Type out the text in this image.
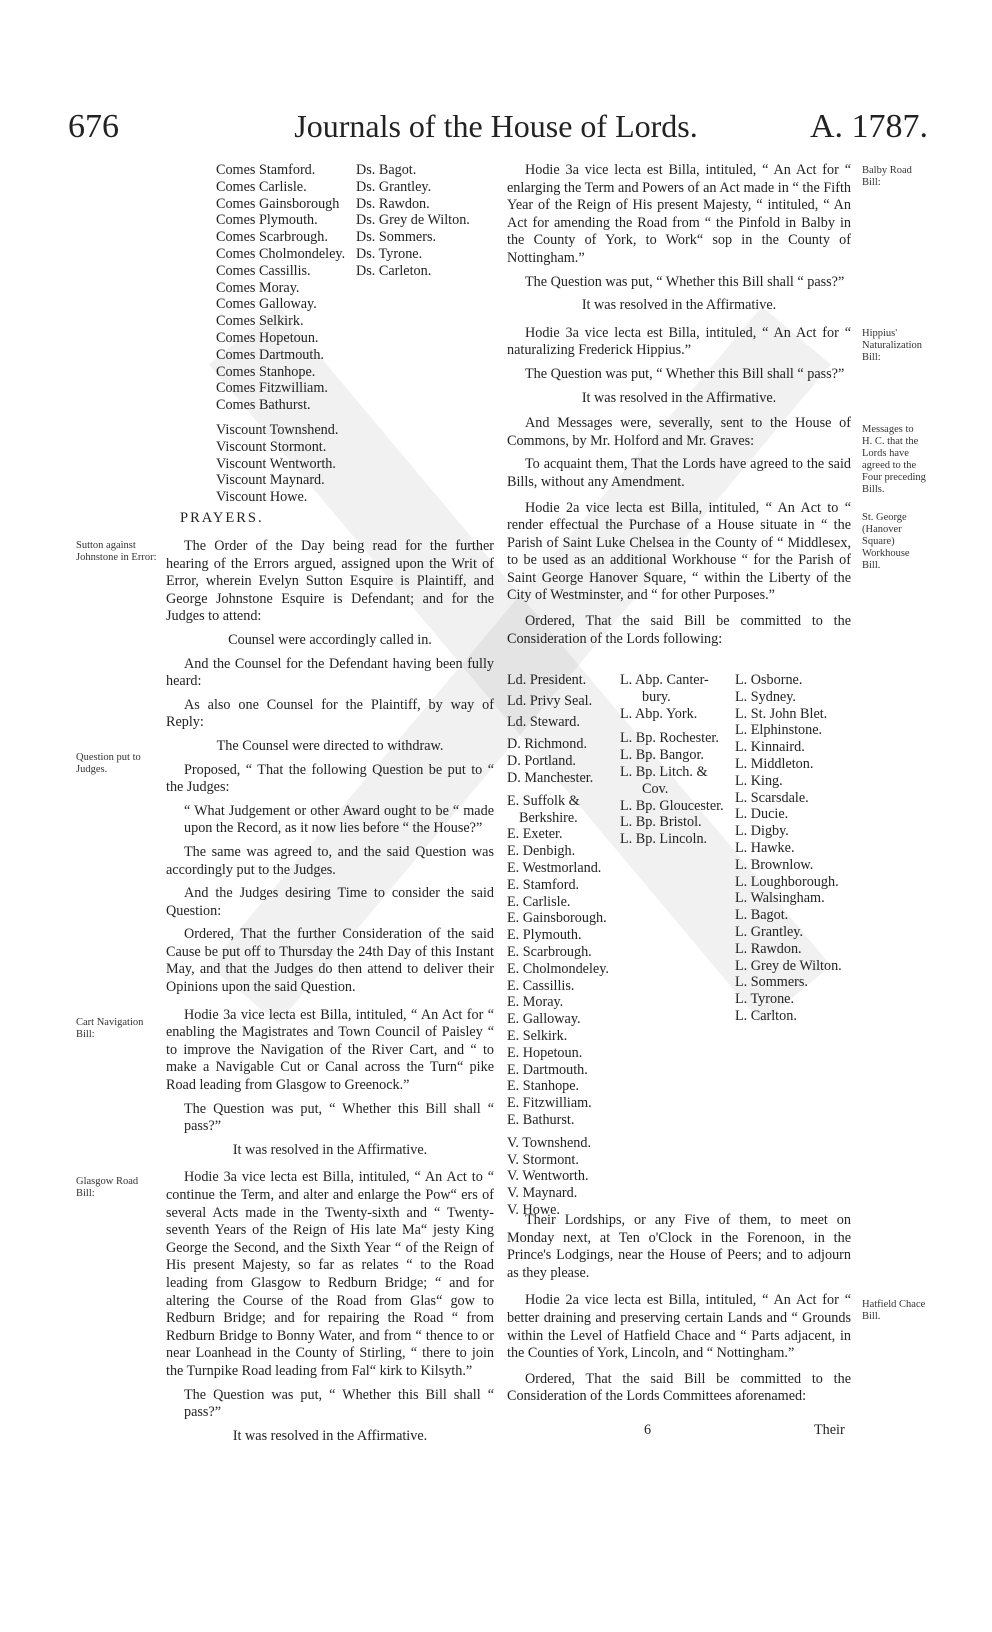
Journals of the House of Lords.
676	A. 1787.
Comes Stamford.
Comes Carlisle.
Comes Gainsborough
Comes Plymouth.
Comes Scarbrough.
Comes Cholmondeley.
Comes Cassillis.
Comes Moray.
Comes Galloway.
Comes Selkirk.
Comes Hopetoun.
Comes Dartmouth.
Comes Stanhope.
Comes Fitzwilliam.
Comes Bathurst.
Viscount Townshend.
Viscount Stormont.
Viscount Wentworth.
Viscount Maynard.
Viscount Howe.
Ds. Bagot.
Ds. Grantley.
Ds. Rawdon.
Ds. Grey de Wilton.
Ds. Sommers.
Ds. Tyrone.
Ds. Carleton.
PRAYERS.
Sutton against Johnstone in Error:
Question put to Judges.
Cart Navigation Bill:
Glasgow Road Bill:

The Order of the Day being read for the further hearing of the Errors argued, assigned upon the Writ of Error, wherein Evelyn Sutton Esquire is Plaintiff, and George Johnstone Esquire is Defendant; and for the Judges to attend:

Counsel were accordingly called in.

And the Counsel for the Defendant having been fully heard:

As also one Counsel for the Plaintiff, by way of Reply:

The Counsel were directed to withdraw.

Proposed, “ That the following Question be put to “ the Judges:

“ What Judgement or other Award ought to be “ made upon the Record, as it now lies before “ the House?”

The same was agreed to, and the said Question was accordingly put to the Judges.

And the Judges desiring Time to consider the said Question:

Ordered, That the further Consideration of the said Cause be put off to Thursday the 24th Day of this Instant May, and that the Judges do then attend to deliver their Opinions upon the said Question.

Hodie 3a vice lecta est Billa, intituled, “ An Act for “ enabling the Magistrates and Town Council of Paisley “ to improve the Navigation of the River Cart, and “ to make a Navigable Cut or Canal across the Turn“ pike Road leading from Glasgow to Greenock.”

The Question was put, “ Whether this Bill shall “ pass?”

It was resolved in the Affirmative.

Hodie 3a vice lecta est Billa, intituled, “ An Act to “ continue the Term, and alter and enlarge the Pow“ ers of several Acts made in the Twenty-sixth and “ Twenty-seventh Years of the Reign of His late Ma“ jesty King George the Second, and the Sixth Year “ of the Reign of His present Majesty, so far as relates “ to the Road leading from Glasgow to Redburn Bridge; “ and for altering the Course of the Road from Glas“ gow to Redburn Bridge; and for repairing the Road “ from Redburn Bridge to Bonny Water, and from “ thence to or near Loanhead in the County of Stirling, “ there to join the Turnpike Road leading from Fal“ kirk to Kilsyth.”

The Question was put, “ Whether this Bill shall “ pass?”

It was resolved in the Affirmative.

Balby Road Bill:
Hippius' Naturalization Bill:
Messages to H. C. that the Lords have agreed to the Four preceding Bills.
St. George (Hanover Square) Workhouse Bill.
Hatfield Chace Bill.

Hodie 3a vice lecta est Billa, intituled, “ An Act for “ enlarging the Term and Powers of an Act made in “ the Fifth Year of the Reign of His present Majesty, “ intituled, “ An Act for amending the Road from “ the Pinfold in Balby in the County of York, to Work“ sop in the County of Nottingham.”

The Question was put, “ Whether this Bill shall “ pass?”

It was resolved in the Affirmative.

Hodie 3a vice lecta est Billa, intituled, “ An Act for “ naturalizing Frederick Hippius.”

The Question was put, “ Whether this Bill shall “ pass?”

It was resolved in the Affirmative.

And Messages were, severally, sent to the House of Commons, by Mr. Holford and Mr. Graves:

To acquaint them, That the Lords have agreed to the said Bills, without any Amendment.

Hodie 2a vice lecta est Billa, intituled, “ An Act to “ render effectual the Purchase of a House situate in “ the Parish of Saint Luke Chelsea in the County of “ Middlesex, to be used as an additional Workhouse “ for the Parish of Saint George Hanover Square, “ within the Liberty of the City of Westminster, and “ for other Purposes.”

Ordered, That the said Bill be committed to the Consideration of the Lords following:

Ld. President.
Ld. Privy Seal.
Ld. Steward.
D. Richmond.
D. Portland.
D. Manchester.
E. Suffolk &
Berkshire.
E. Exeter.
E. Denbigh.
E. Westmorland.
E. Stamford.
E. Carlisle.
E. Gainsborough.
E. Plymouth.
E. Scarbrough.
E. Cholmondeley.
E. Cassillis.
E. Moray.
E. Galloway.
E. Selkirk.
E. Hopetoun.
E. Dartmouth.
E. Stanhope.
E. Fitzwilliam.
E. Bathurst.
V. Townshend.
V. Stormont.
V. Wentworth.
V. Maynard.
V. Howe.
L. Abp. Canter-
bury.
L. Abp. York.
L. Bp. Rochester.
L. Bp. Bangor.
L. Bp. Litch. &
Cov.
L. Bp. Gloucester.
L. Bp. Bristol.
L. Bp. Lincoln.
L. Osborne.
L. Sydney.
L. St. John Blet.
L. Elphinstone.
L. Kinnaird.
L. Middleton.
L. King.
L. Scarsdale.
L. Ducie.
L. Digby.
L. Hawke.
L. Brownlow.
L. Loughborough.
L. Walsingham.
L. Bagot.
L. Grantley.
L. Rawdon.
L. Grey de Wilton.
L. Sommers.
L. Tyrone.
L. Carlton.

Their Lordships, or any Five of them, to meet on Monday next, at Ten o'Clock in the Forenoon, in the Prince's Lodgings, near the House of Peers; and to adjourn as they please.

Hodie 2a vice lecta est Billa, intituled, “ An Act for “ better draining and preserving certain Lands and “ Grounds within the Level of Hatfield Chace and “ Parts adjacent, in the Counties of York, Lincoln, and “ Nottingham.”

Ordered, That the said Bill be committed to the Consideration of the Lords Committees aforenamed:

6	Their
